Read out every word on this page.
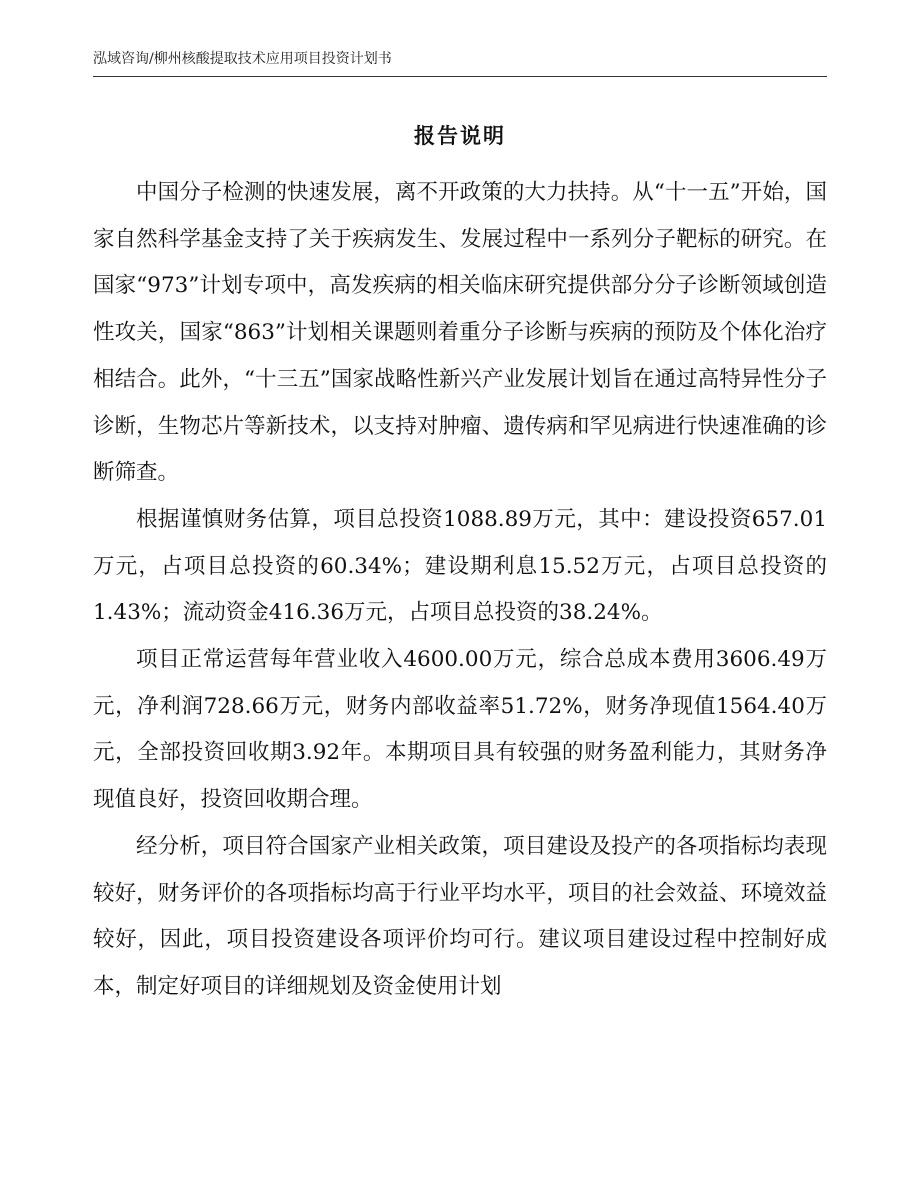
泓域咨询/柳州核酸提取技术应用项目投资计划书
报告说明

中国分子检测的快速发展，离不开政策的大力扶持。从“十一五”开始，国家自然科学基金支持了关于疾病发生、发展过程中一系列分子靶标的研究。在国家“973”计划专项中，高发疾病的相关临床研究提供部分分子诊断领域创造性攻关，国家“863”计划相关课题则着重分子诊断与疾病的预防及个体化治疗相结合。此外，“十三五”国家战略性新兴产业发展计划旨在通过高特异性分子诊断，生物芯片等新技术，以支持对肿瘤、遗传病和罕见病进行快速准确的诊断筛查。

根据谨慎财务估算，项目总投资1088.89万元，其中：建设投资657.01万元，占项目总投资的60.34%；建设期利息15.52万元，占项目总投资的1.43%；流动资金416.36万元，占项目总投资的38.24%。

项目正常运营每年营业收入4600.00万元，综合总成本费用3606.49万元，净利润728.66万元，财务内部收益率51.72%，财务净现值1564.40万元，全部投资回收期3.92年。本期项目具有较强的财务盈利能力，其财务净现值良好，投资回收期合理。

经分析，项目符合国家产业相关政策，项目建设及投产的各项指标均表现较好，财务评价的各项指标均高于行业平均水平，项目的社会效益、环境效益较好，因此，项目投资建设各项评价均可行。建议项目建设过程中控制好成本，制定好项目的详细规划及资金使用计划
